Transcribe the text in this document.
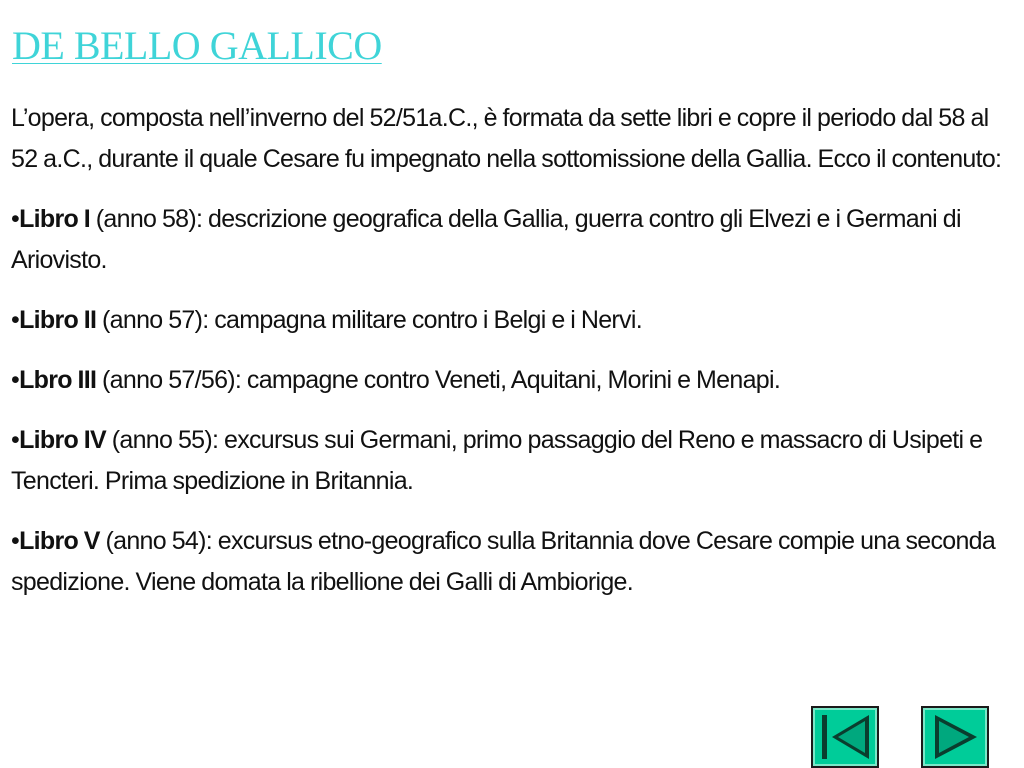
DE BELLO GALLICO

L’opera, composta nell’inverno del 52/51a.C., è formata da sette libri e copre il periodo dal 58 al 52 a.C., durante il quale Cesare fu impegnato nella sottomissione della Gallia. Ecco il contenuto:

•Libro I (anno 58): descrizione geografica della Gallia, guerra contro gli Elvezi e i Germani di Ariovisto.

•Libro II (anno 57): campagna militare contro i Belgi e i Nervi.

•Lbro III (anno 57/56): campagne contro Veneti, Aquitani, Morini e Menapi.

•Libro IV (anno 55): excursus sui Germani, primo passaggio del Reno e massacro di Usipeti e Tencteri. Prima spedizione in Britannia.

•Libro V (anno 54): excursus etno-geografico sulla Britannia dove Cesare compie una seconda spedizione. Viene domata la ribellione dei Galli di Ambiorige.
